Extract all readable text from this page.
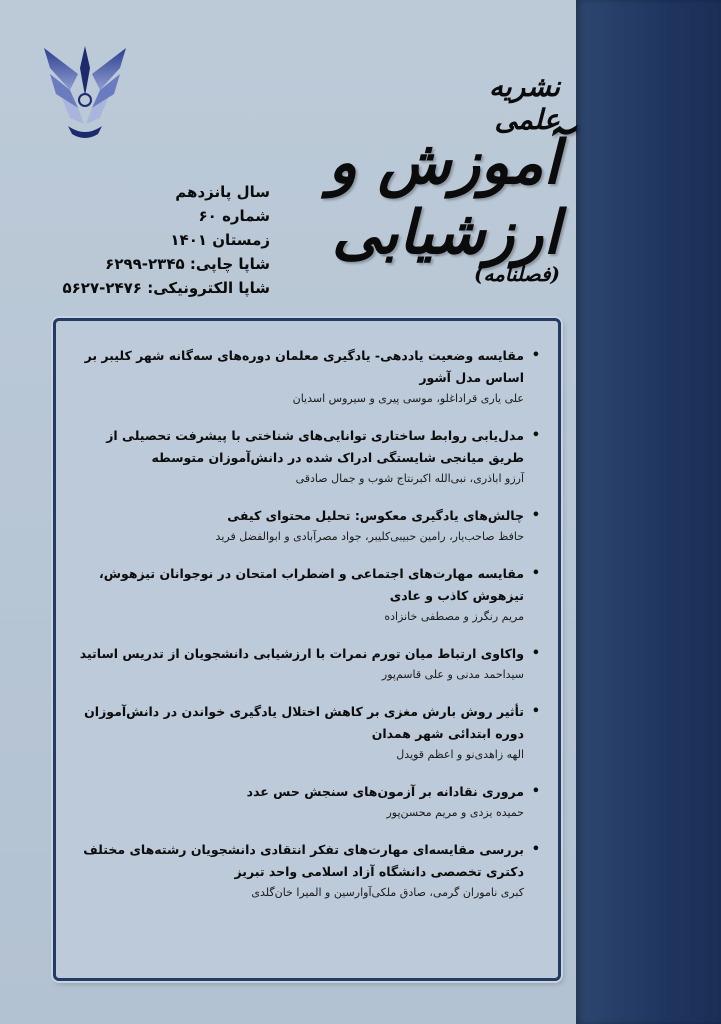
نشریه علمی
آموزش و ارزشیابی
(فصلنامه)
سال پانزدهم
شماره ۶۰
زمستان ۱۴۰۱
شاپا چاپی: ۲۳۴۵-۶۲۹۹
شاپا الکترونیکی: ۲۴۷۶-۵۶۲۷
• مقایسه وضعیت یاددهی- یادگیری معلمان دوره‌های سه‌گانه شهر کلیبر بر اساس مدل آشور
علی یاری قراداغلو، موسی پیری و سیروس اسدیان
• مدل‌یابی روابط ساختاری توانایی‌های شناختی با پیشرفت تحصیلی از طریق میانجی شایستگی ادراک شده در دانش‌آموزان متوسطه
آرزو اباذری، نبی‌الله اکبرنتاج شوب و جمال صادقی
• چالش‌های یادگیری معکوس: تحلیل محتوای کیفی
حافظ صاحب‌یار، رامین حبیبی‌کلیبر، جواد مصرآبادی و ابوالفضل فرید
• مقایسه مهارت‌های اجتماعی و اضطراب امتحان در نوجوانان تیزهوش، تیزهوش کاذب و عادی
مریم رنگرز و مصطفی خانزاده
• واکاوی ارتباط میان تورم نمرات با ارزشیابی دانشجویان از تدریس اساتید
سیداحمد مدنی و علی قاسم‌پور
• تأثیر روش بارش مغزی بر کاهش اختلال یادگیری خواندن در دانش‌آموزان دوره ابتدائی شهر همدان
الهه زاهدی‌نو و اعظم قویدل
• مروری نقادانه بر آزمون‌های سنجش حس عدد
حمیده یزدی و مریم محسن‌پور
• بررسی مقایسه‌ای مهارت‌های تفکر انتقادی دانشجویان رشته‌های مختلف دکتری تخصصی دانشگاه آزاد اسلامی واحد تبریز
کبری ناموران گرمی، صادق ملکی‌آوارسین و المیرا خان‌گلدی
